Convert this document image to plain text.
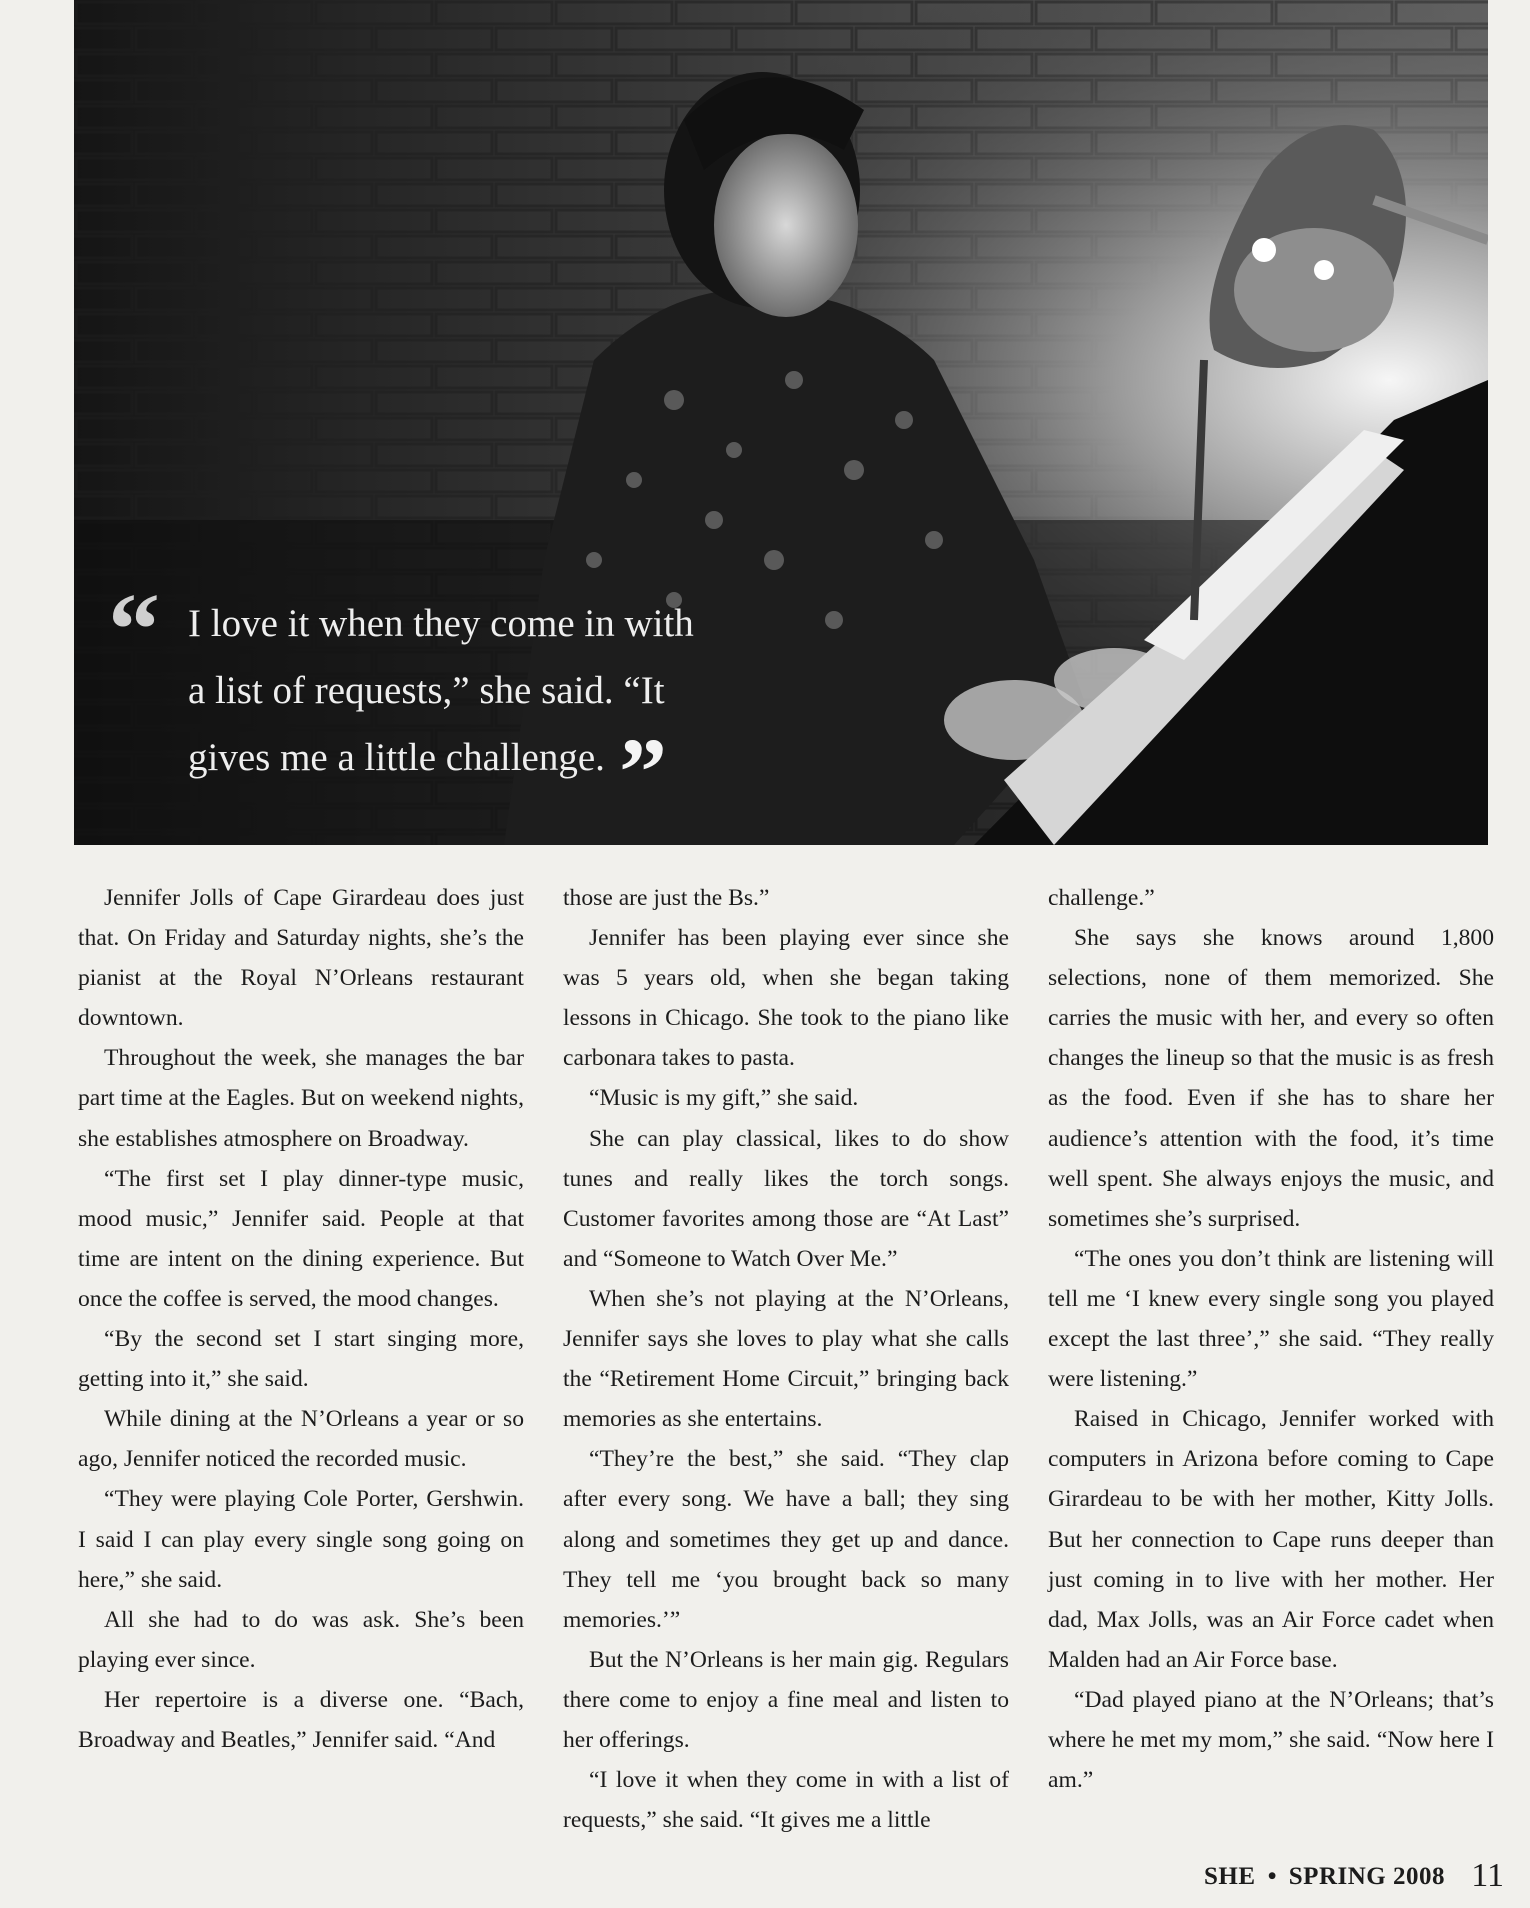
“ I love it when they come in with
a list of requests,” she said. “It
gives me a little challenge. ”

Jennifer Jolls of Cape Girardeau does just that. On Friday and Saturday nights, she’s the pianist at the Royal N’Orleans restaurant downtown.

Throughout the week, she manages the bar part time at the Eagles. But on weekend nights, she establishes atmosphere on Broadway.

“The first set I play dinner-type music, mood music,” Jennifer said. People at that time are intent on the dining experience. But once the coffee is served, the mood changes.

“By the second set I start singing more, getting into it,” she said.

While dining at the N’Orleans a year or so ago, Jennifer noticed the recorded music.

“They were playing Cole Porter, Gershwin. I said I can play every single song going on here,” she said.

All she had to do was ask. She’s been playing ever since.

Her repertoire is a diverse one. “Bach, Broadway and Beatles,” Jennifer said. “And

those are just the Bs.”

Jennifer has been playing ever since she was 5 years old, when she began taking lessons in Chicago. She took to the piano like carbonara takes to pasta.

“Music is my gift,” she said.

She can play classical, likes to do show tunes and really likes the torch songs. Customer favorites among those are “At Last” and “Someone to Watch Over Me.”

When she’s not playing at the N’Orleans, Jennifer says she loves to play what she calls the “Retirement Home Circuit,” bringing back memories as she entertains.

“They’re the best,” she said. “They clap after every song. We have a ball; they sing along and sometimes they get up and dance. They tell me ‘you brought back so many memories.’”

But the N’Orleans is her main gig. Regulars there come to enjoy a fine meal and listen to her offerings.

“I love it when they come in with a list of requests,” she said. “It gives me a little

challenge.”

She says she knows around 1,800 selections, none of them memorized. She carries the music with her, and every so often changes the lineup so that the music is as fresh as the food. Even if she has to share her audience’s attention with the food, it’s time well spent. She always enjoys the music, and sometimes she’s surprised.

“The ones you don’t think are listening will tell me ‘I knew every single song you played except the last three’,” she said. “They really were listening.”

Raised in Chicago, Jennifer worked with computers in Arizona before coming to Cape Girardeau to be with her mother, Kitty Jolls. But her connection to Cape runs deeper than just coming in to live with her mother. Her dad, Max Jolls, was an Air Force cadet when Malden had an Air Force base.

“Dad played piano at the N’Orleans; that’s where he met my mom,” she said. “Now here I am.”

SHE • SPRING 2008 11
